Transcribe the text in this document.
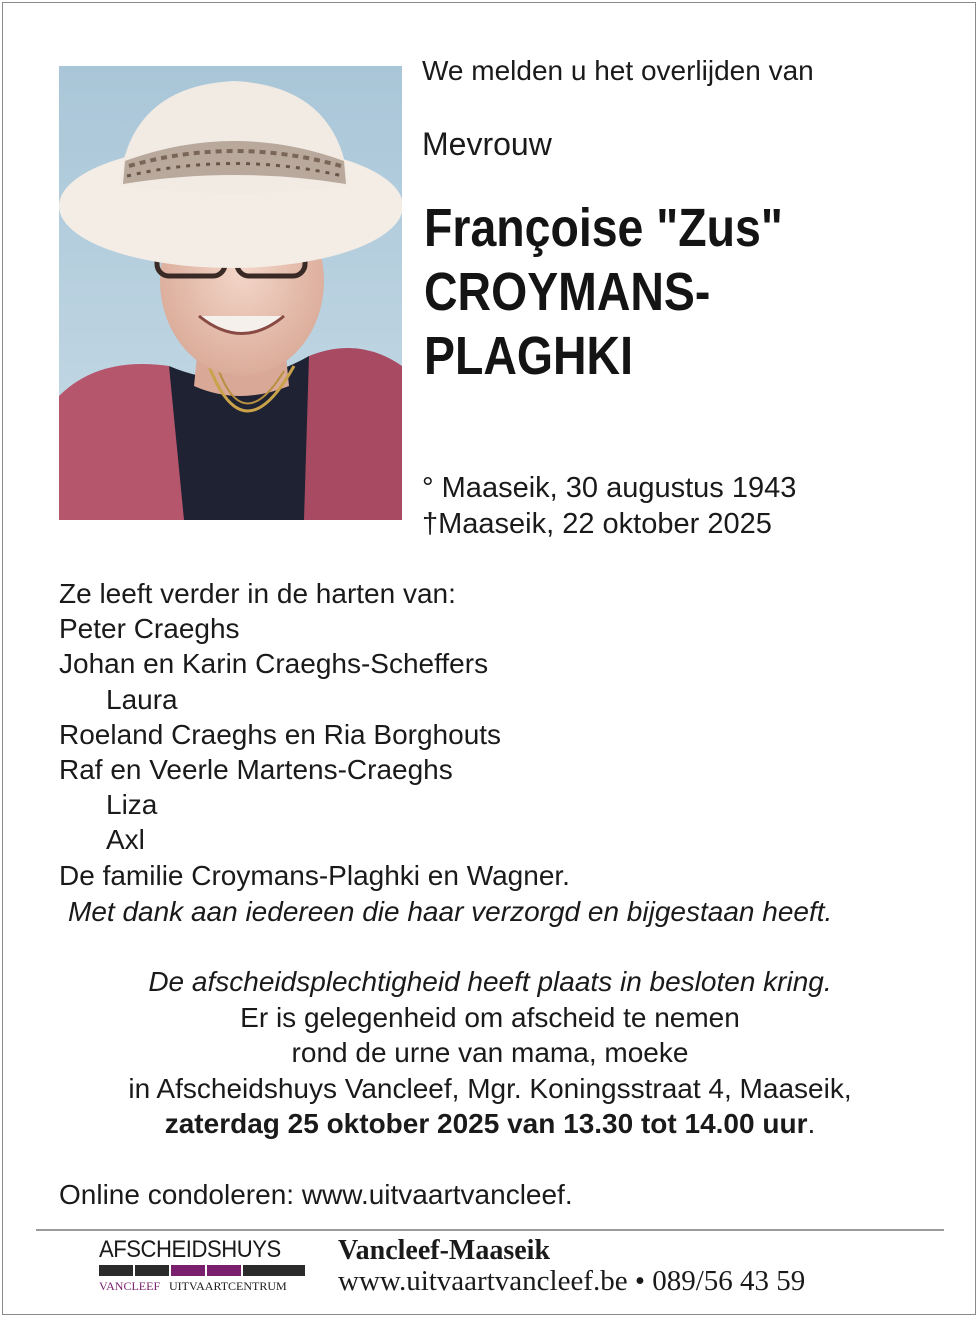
We melden u het overlijden van
Mevrouw
Françoise "Zus"
CROYMANS-
PLAGHKI
° Maaseik, 30 augustus 1943
†Maaseik, 22 oktober 2025
Ze leeft verder in de harten van:
Peter Craeghs
Johan en Karin Craeghs-Scheffers
Laura
Roeland Craeghs en Ria Borghouts
Raf en Veerle Martens-Craeghs
Liza
Axl
De familie Croymans-Plaghki en Wagner.
Met dank aan iedereen die haar verzorgd en bijgestaan heeft.
De afscheidsplechtigheid heeft plaats in besloten kring.
Er is gelegenheid om afscheid te nemen
rond de urne van mama, moeke
in Afscheidshuys Vancleef, Mgr. Koningsstraat 4, Maaseik,
zaterdag 25 oktober 2025 van 13.30 tot 14.00 uur.
Online condoleren: www.uitvaartvancleef.
AFSCHEIDSHUYS
VANCLEEF UITVAARTCENTRUM
Vancleef-Maaseik
www.uitvaartvancleef.be • 089/56 43 59
